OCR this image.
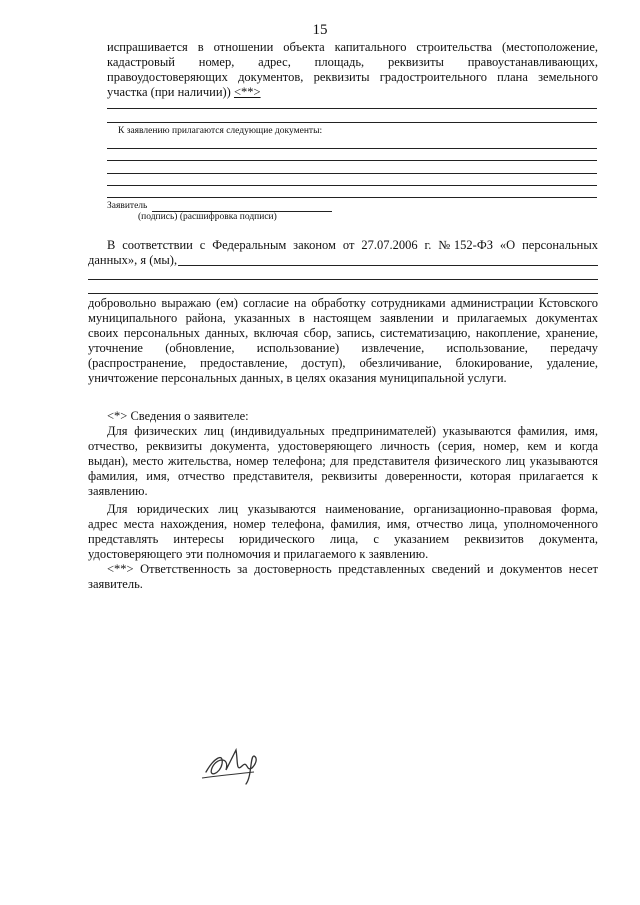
15
испрашивается в отношении объекта капитального строительства (местоположение,
кадастровый номер, адрес, площадь, реквизиты правоустанавливающих,
правоудостоверяющих документов, реквизиты градостроительного плана земельного
участка (при наличии)) <**>
К заявлению прилагаются следующие документы:
Заявитель
(подпись) (расшифровка подписи)
В соответствии с Федеральным законом от 27.07.2006 г. №152-ФЗ «О персональных
данных», я (мы),
добровольно выражаю (ем) согласие на обработку сотрудниками администрации Кстовского
муниципального района, указанных в настоящем заявлении и прилагаемых документах
своих персональных данных, включая сбор, запись, систематизацию, накопление, хранение,
уточнение (обновление, использование) извлечение, использование, передачу
(распространение, предоставление, доступ), обезличивание, блокирование, удаление,
уничтожение персональных данных, в целях оказания муниципальной услуги.
<*> Сведения о заявителе:
Для физических лиц (индивидуальных предпринимателей) указываются фамилия, имя,
отчество, реквизиты документа, удостоверяющего личность (серия, номер, кем и когда
выдан), место жительства, номер телефона; для представителя физического лиц указываются
фамилия, имя, отчество представителя, реквизиты доверенности, которая прилагается к
заявлению.
Для юридических лиц указываются наименование, организационно-правовая форма,
адрес места нахождения, номер телефона, фамилия, имя, отчество лица, уполномоченного
представлять интересы юридического лица, с указанием реквизитов документа,
удостоверяющего эти полномочия и прилагаемого к заявлению.
<**> Ответственность за достоверность представленных сведений и документов несет
заявитель.
